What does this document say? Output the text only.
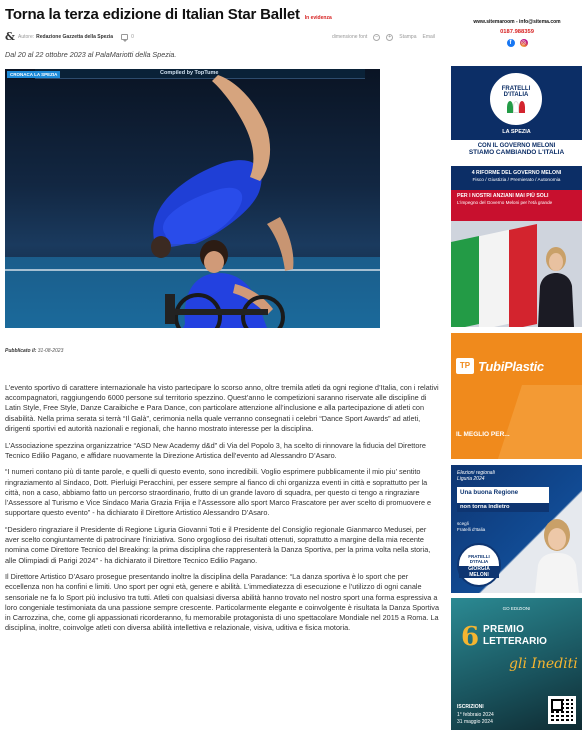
Torna la terza edizione di Italian Star Ballet In evidenza
& Autore: Redazione Gazzetta della Spezia	0	dimensione font	−	+	Stampa Email
Dal 20 al 22 ottobre 2023 al PalaMariotti della Spezia.
Compiled by TopTume
CRONACA LA SPEZIA
Pubblicato il: 31-08-2023

L’evento sportivo di carattere internazionale ha visto partecipare lo scorso anno, oltre tremila atleti da ogni regione d’Italia, con i relativi accompagnatori, raggiungendo 6000 persone sul territorio spezzino. Quest’anno le competizioni saranno riservate alle discipline di Latin Style, Free Style, Danze Caraibiche e Para Dance, con particolare attenzione all’inclusione e alla partecipazione di atleti con disabilità. Nella prima serata si terrà “Il Galà”, cerimonia nella quale verranno consegnati i celebri “Dance Sport Awards” ad atleti, dirigenti sportivi ed autorità nazionali e regionali, che hanno mostrato interesse per la disciplina.

L’Associazione spezzina organizzatrice “ASD New Academy d&d” di Via del Popolo 3, ha scelto di rinnovare la fiducia del Direttore Tecnico Edilio Pagano, e affidare nuovamente la Direzione Artistica dell’evento ad Alessandro D’Asaro.

“I numeri contano più di tante parole, e quelli di questo evento, sono incredibili. Voglio esprimere pubblicamente il mio piu’ sentito ringraziamento al Sindaco, Dott. Pierluigi Peracchini, per essere sempre al fianco di chi organizza eventi in città e soprattutto per la città, non a caso, abbiamo fatto un percorso straordinario, frutto di un grande lavoro di squadra, per questo ci tengo a ringraziare l’Assessore al Turismo e Vice Sindaco Maria Grazia Frijia e l’Assessore allo sport Marco Frascatore per aver scelto di promuovere e supportare questo evento” - ha dichiarato il Direttore Artistico Alessandro D’Asaro.

“Desidero ringraziare il Presidente di Regione Liguria Giovanni Toti e il Presidente del Consiglio regionale Gianmarco Medusei, per aver scelto congiuntamente di patrocinare l’iniziativa. Sono orgoglioso dei risultati ottenuti, soprattutto a margine della mia recente nomina come Direttore Tecnico del Breaking: la prima disciplina che rappresenterà la Danza Sportiva, per la prima volta nella storia, alle Olimpiadi di Parigi 2024” - ha dichiarato il Direttore Tecnico Edilio Pagano.

Il Direttore Artistico D’Asaro prosegue presentando inoltre la disciplina della Paradance: “La danza sportiva è lo sport che per eccellenza non ha confini e limiti. Uno sport per ogni età, genere e abilità. L’immediatezza di esecuzione e l’utilizzo di ogni canale sensoriale ne fa lo Sport più inclusivo tra tutti. Atleti con qualsiasi diversa abilità hanno trovato nel nostro sport una forma espressiva a loro congeniale testimoniata da una passione sempre crescente. Particolarmente elegante e coinvolgente è risultata la Danza Sportiva in Carrozzina, che, come gli appassionati ricorderanno, fu memorabile protagonista di uno spettacolare Mondiale nel 2015 a Roma. La disciplina, inoltre, coinvolge atleti con diversa abilità intellettiva e relazionale, visiva, uditiva e fisica motoria.

www.sitemaroom - info@sitema.com
0187.988359
f	◎
FRATELLI
D'ITALIA
LA SPEZIA
CON IL GOVERNO MELONI
STIAMO CAMBIANDO L'ITALIA
4 RIFORME DEL GOVERNO MELONI
Fisco / Giustizia / Premierato / Autonomia
PER I NOSTRI ANZIANI MAI PIÙ SOLI
L'impegno del Governo Meloni per l'età grande
TP TubiPlastic
IL MEGLIO PER...
Elezioni regionali
Liguria 2024
Una buona Regione
non torna indietro
scegli
Fratelli d'Italia
FRATELLI D'ITALIA
GIORGIA MELONI
GO EDIZIONI
6 PREMIO
LETTERARIO
gli Inediti
ISCRIZIONI
1° febbraio 2024
31 maggio 2024
